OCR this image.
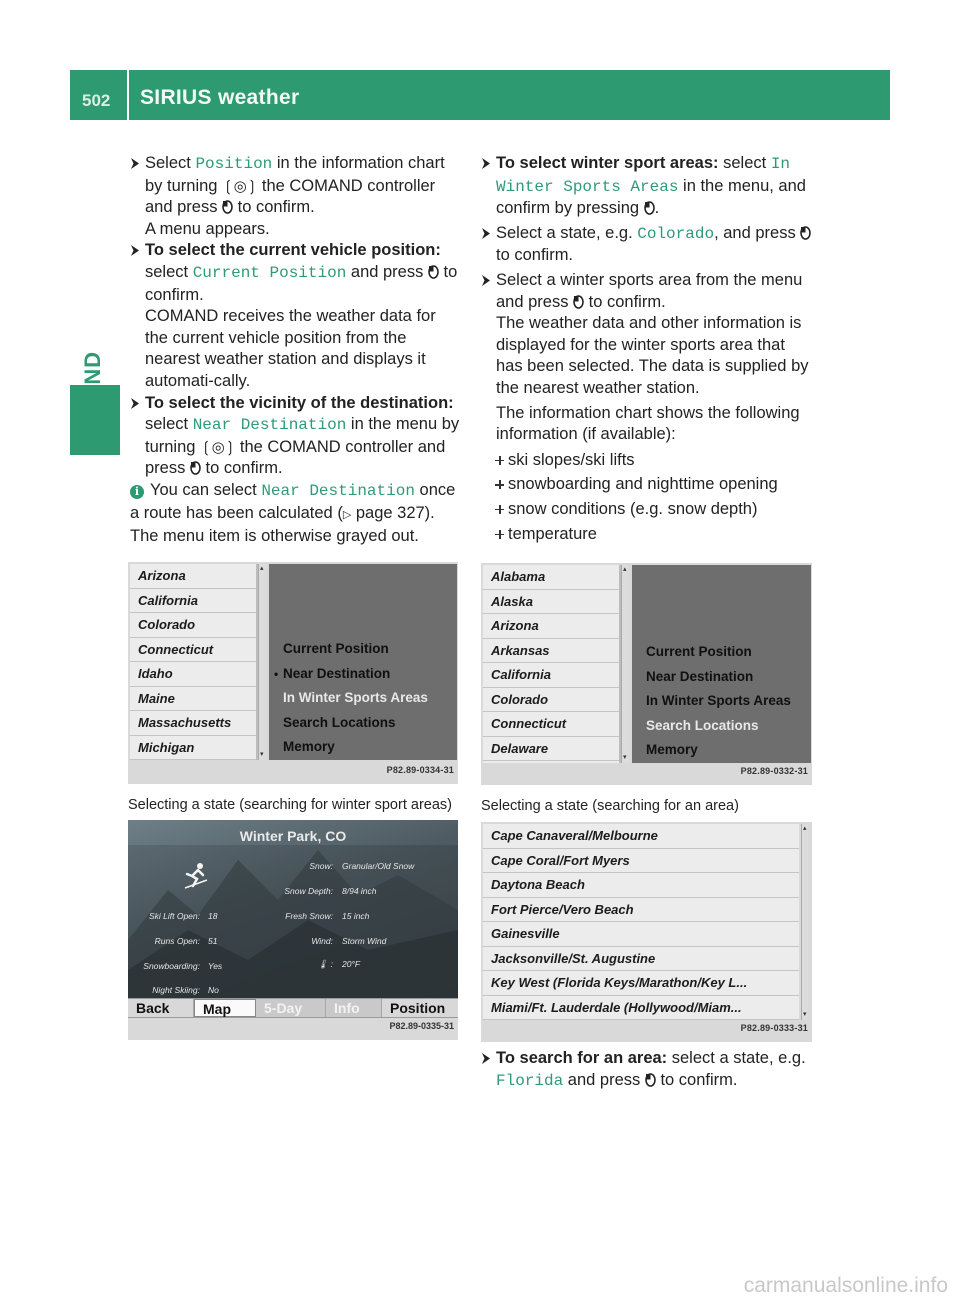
502 SIRIUS weather
Select Position in the information chart by turning ❲◎❳ the COMAND controller and press  to confirm.
A menu appears.
To select the current vehicle position:
select Current Position and press  to confirm.
COMAND receives the weather data for the current vehicle position from the nearest weather station and displays it automati-cally.
To select the vicinity of the destination:
select Near Destination in the menu by turning ❲◎❳ the COMAND controller and press  to confirm.
i You can select Near Destination once a route has been calculated (▷ page 327). The menu item is otherwise grayed out.
Arizona
California
Colorado
Connecticut
Idaho
Maine
Massachusetts
Michigan
▴
▾
Current Position
• Near Destination
In Winter Sports Areas
Search Locations
Memory
P82.89-0334-31
Selecting a state (searching for winter sport areas)
Winter Park, CO
Snow: Granular/Old Snow
Snow Depth: 8/94 inch
Fresh Snow: 15 inch
Wind: Storm Wind
🌡 : 20°F
Ski Lift Open: 18
Runs Open: 51
Snowboarding: Yes
Night Skiing: No
Back	Map	5-Day	Info	Position
P82.89-0335-31
To select winter sport areas: select In Winter Sports Areas in the menu, and confirm by pressing .
Select a state, e.g. Colorado, and press  to confirm.
Select a winter sports area from the menu and press  to confirm.
The weather data and other information is displayed for the winter sports area that has been selected. The data is supplied by the nearest weather station.
The information chart shows the following information (if available):
ski slopes/ski lifts
snowboarding and nighttime opening
snow conditions (e.g. snow depth)
temperature
Alabama
Alaska
Arizona
Arkansas
California
Colorado
Connecticut
Delaware
▴
▾
Current Position
Near Destination
In Winter Sports Areas
Search Locations
Memory
P82.89-0332-31
Selecting a state (searching for an area)
Cape Canaveral/Melbourne
Cape Coral/Fort Myers
Daytona Beach
Fort Pierce/Vero Beach
Gainesville
Jacksonville/St. Augustine
Key West (Florida Keys/Marathon/Key L...
Miami/Ft. Lauderdale (Hollywood/Miam...
▴
▾
P82.89-0333-31
To search for an area: select a state, e.g. Florida and press  to confirm.
carmanualsonline.info
